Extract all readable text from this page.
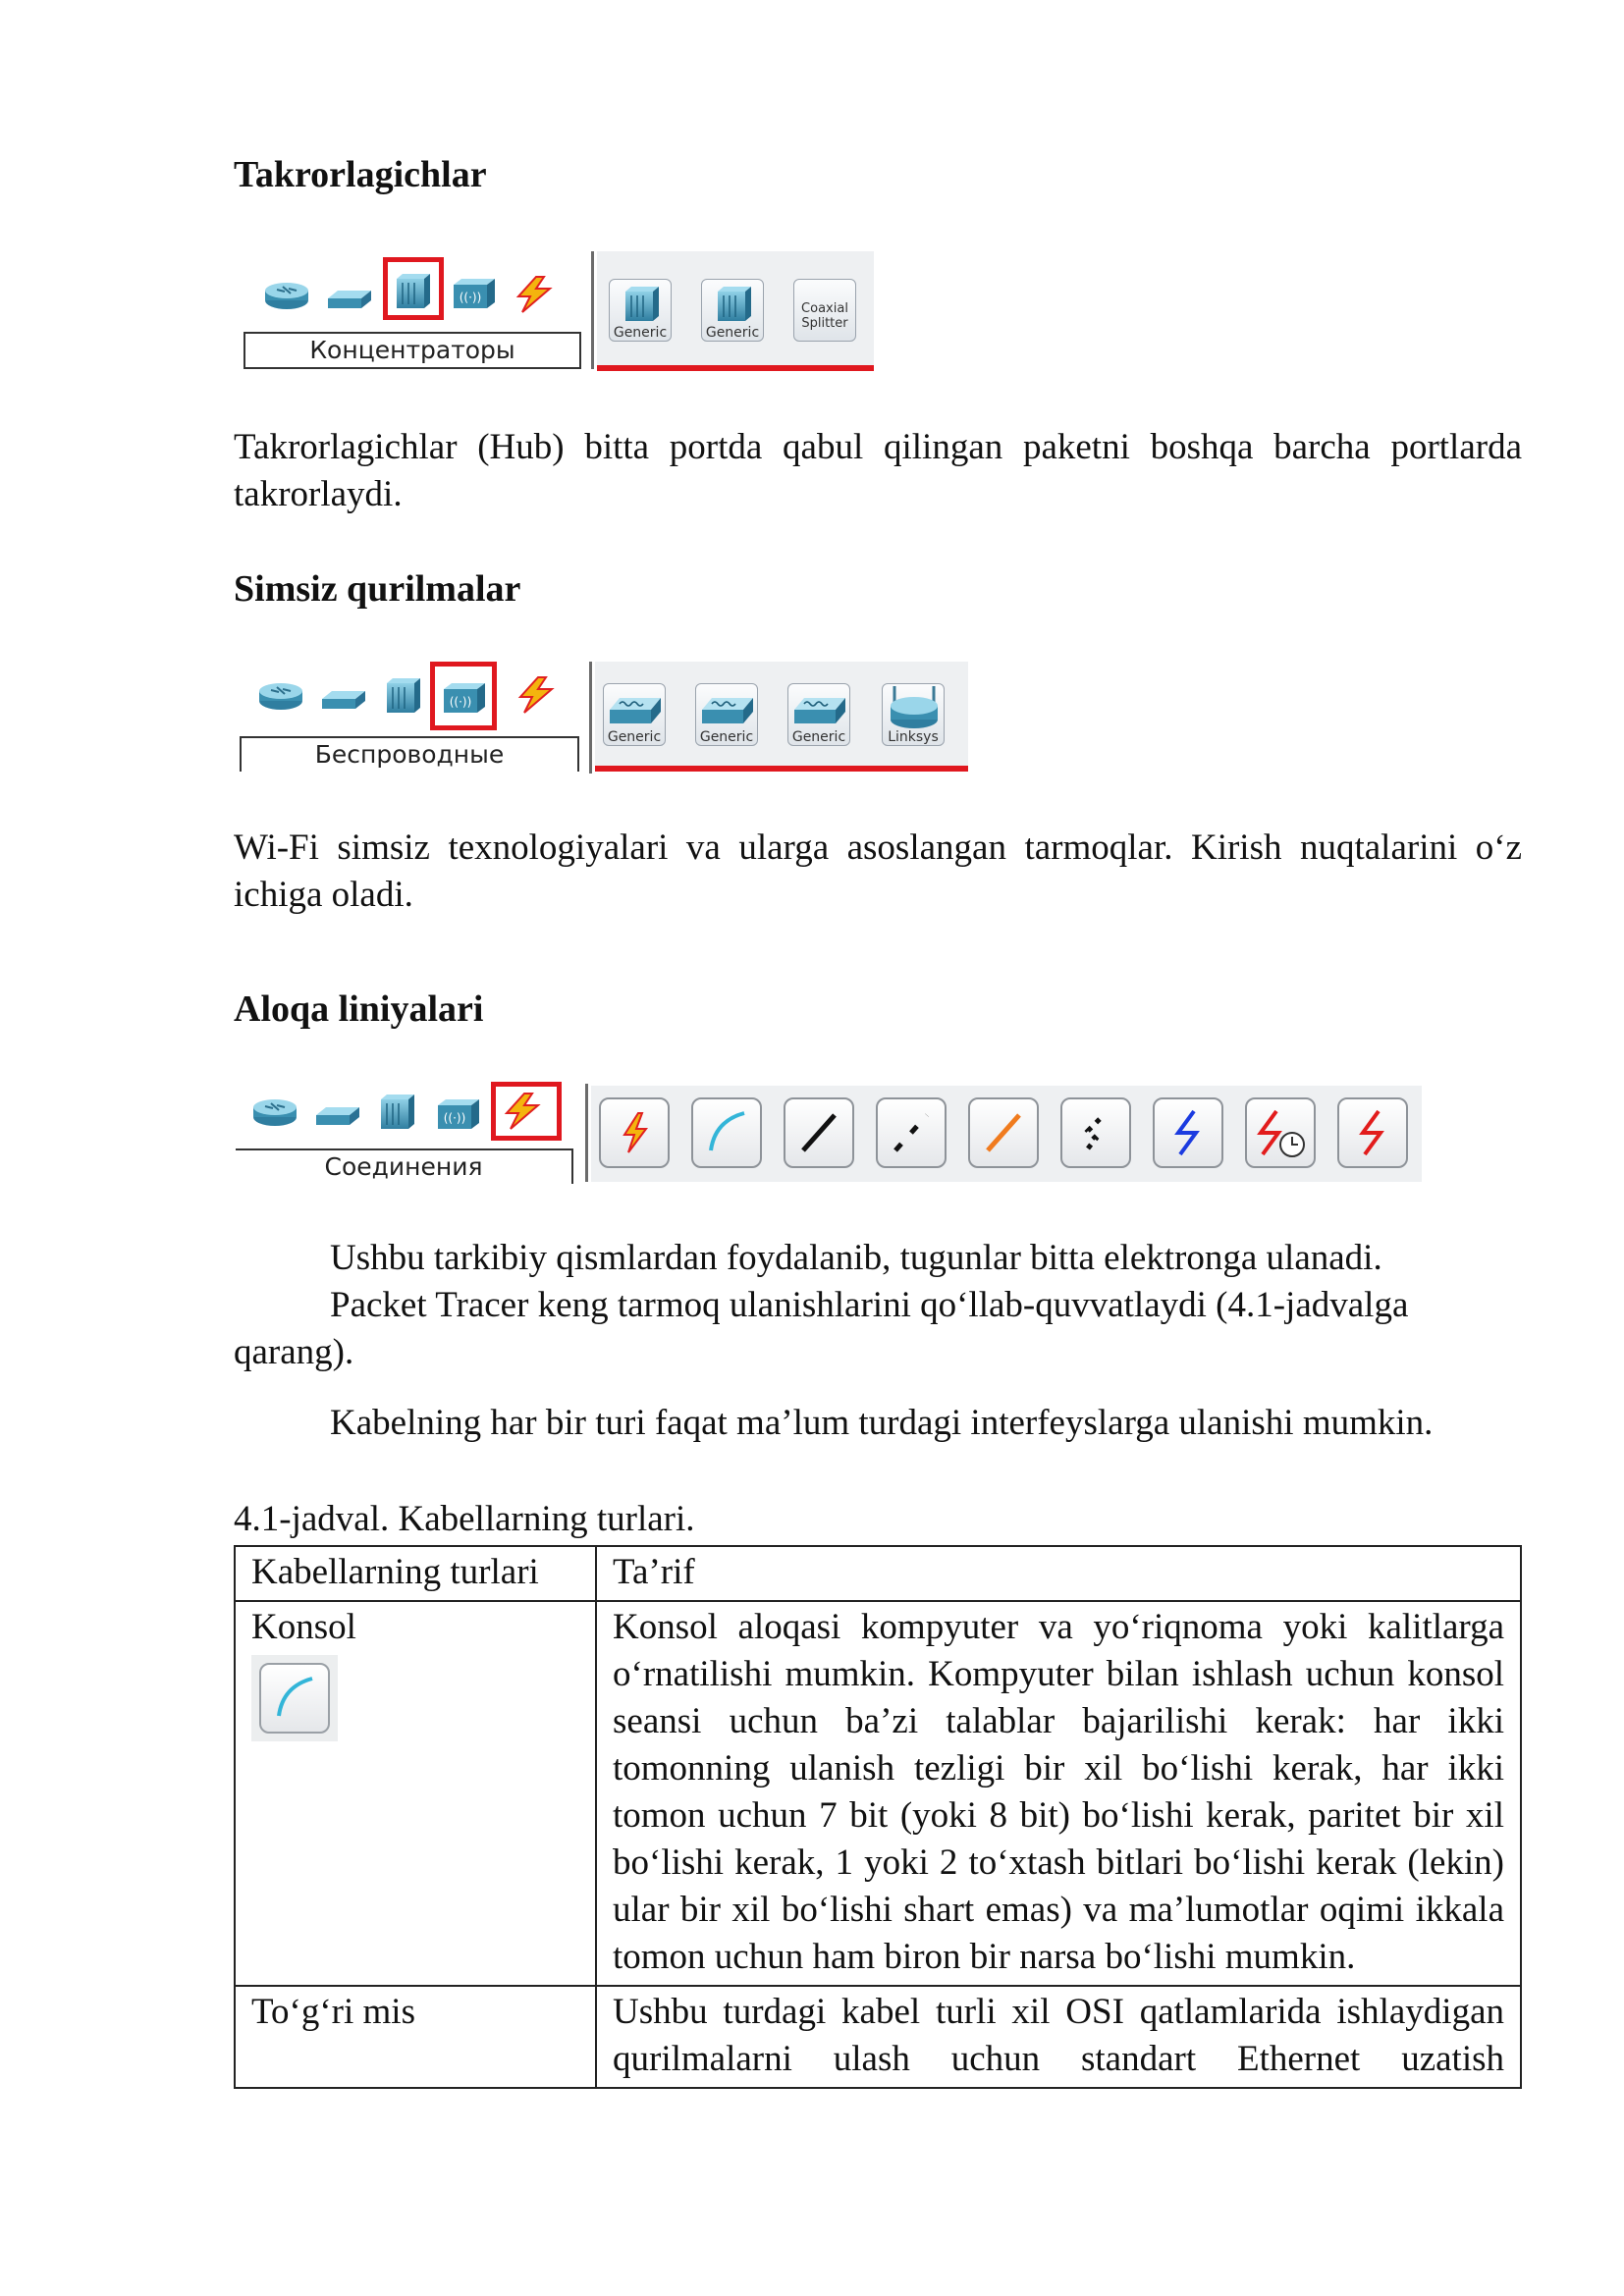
Takrorlagichlar
Концентраторы
Generic	Generic
Coaxial Splitter
Takrorlagichlar (Hub) bitta portda qabul qilingan paketni boshqa barcha portlarda
takrorlaydi.
Simsiz qurilmalar
Беспроводные
Generic	Generic	Generic	Linksys
Wi-Fi simsiz texnologiyalari va ularga asoslangan tarmoqlar. Kirish nuqtalarini o‘z
ichiga oladi.
Aloqa liniyalari
Соединения
Ushbu tarkibiy qismlardan foydalanib, tugunlar bitta elektronga ulanadi.
Packet Tracer keng tarmoq ulanishlarini qo‘llab-quvvatlaydi (4.1-jadvalga
qarang).
Kabelning har bir turi faqat ma’lum turdagi interfeyslarga ulanishi mumkin.
4.1-jadval. Kabellarning turlari.
Kabellarning turlari	Ta’rif

Konsol	Konsol aloqasi kompyuter va yo‘riqnoma yoki kalitlarga o‘rnatilishi mumkin. Kompyuter bilan ishlash uchun konsol seansi uchun ba’zi talablar bajarilishi kerak: har ikki tomonning ulanish tezligi bir xil bo‘lishi kerak, har ikki tomon uchun 7 bit (yoki 8 bit) bo‘lishi kerak, paritet bir xil bo‘lishi kerak, 1 yoki 2 to‘xtash bitlari bo‘lishi kerak (lekin) ular bir xil bo‘lishi shart emas) va ma’lumotlar oqimi ikkala tomon uchun ham biron bir narsa bo‘lishi mumkin.
To‘g‘ri mis	Ushbu turdagi kabel turli xil OSI qatlamlarida ishlaydigan qurilmalarni ulash uchun standart Ethernet uzatish
